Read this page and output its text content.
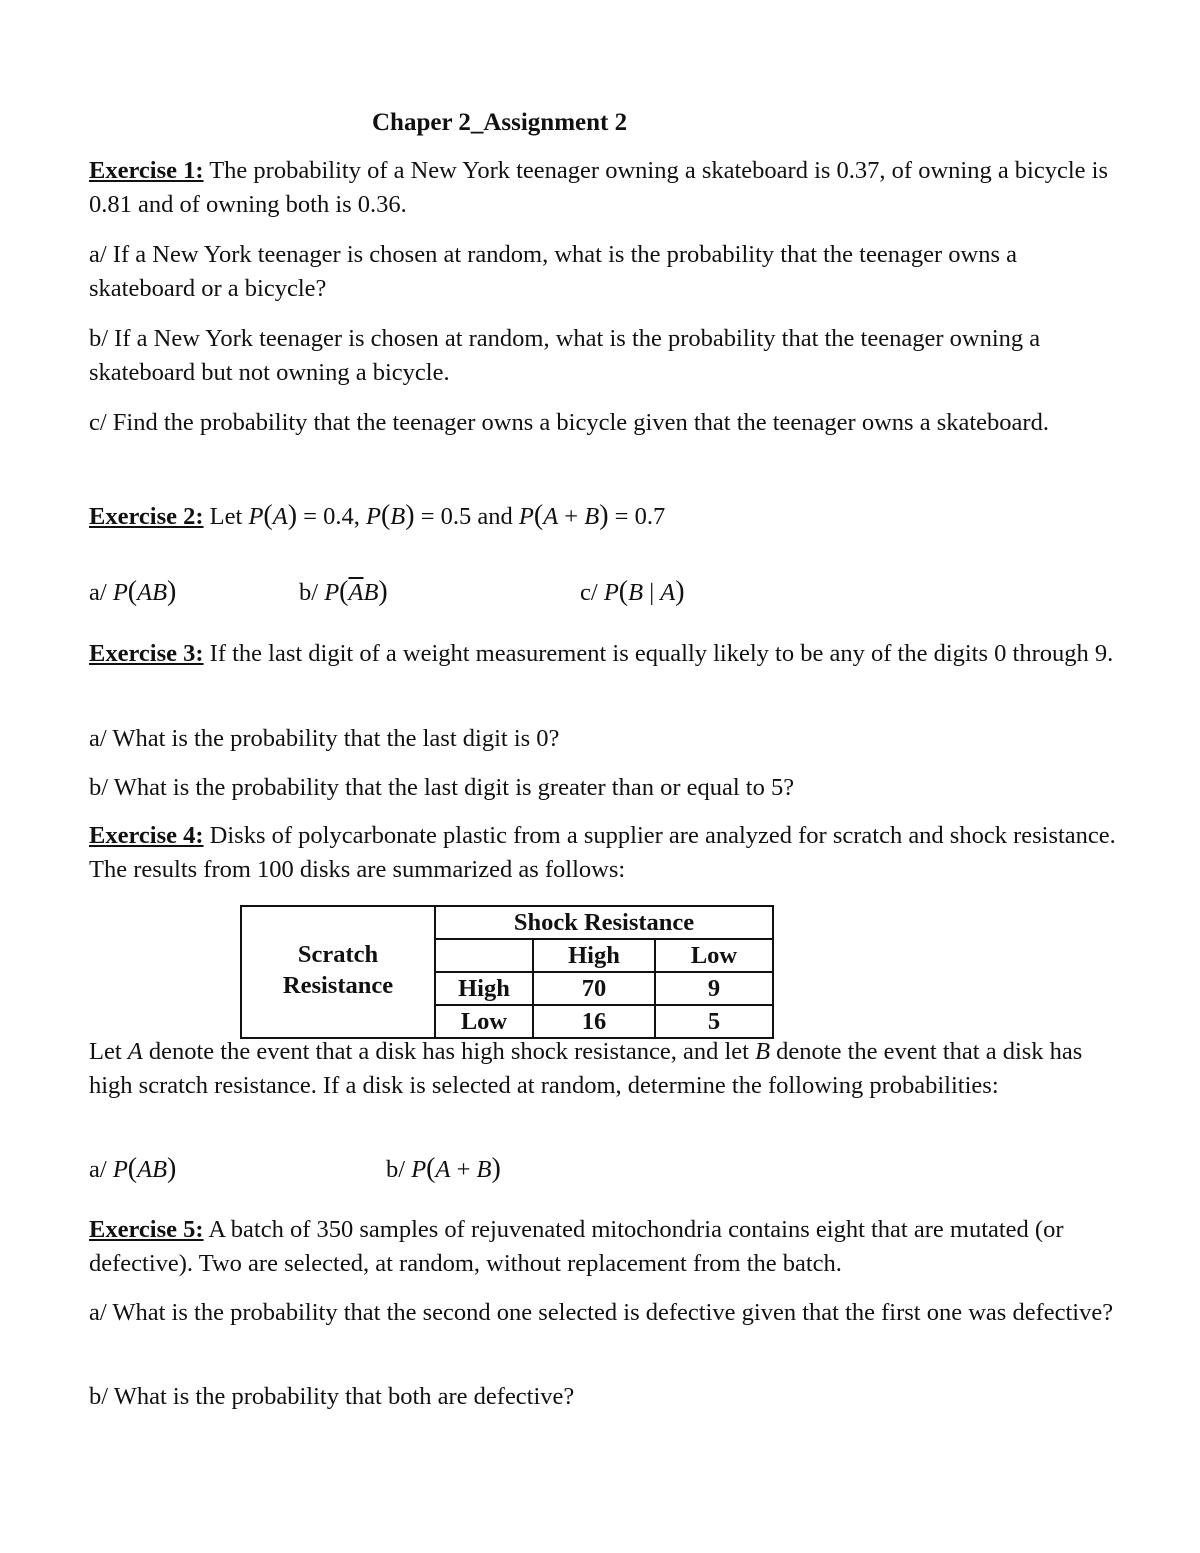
Chaper 2_Assignment 2

Exercise 1: The probability of a New York teenager owning a skateboard is 0.37, of owning a bicycle is 0.81 and of owning both is 0.36.

a/ If a New York teenager is chosen at random, what is the probability that the teenager owns a skateboard or a bicycle?

b/ If a New York teenager is chosen at random, what is the probability that the teenager owning a skateboard but not owning a bicycle.

c/ Find the probability that the teenager owns a bicycle given that the teenager owns a skateboard.

Exercise 2: Let P(A) = 0.4, P(B) = 0.5 and P(A + B) = 0.7

a/ P(AB)	b/ $P(\overline{A}B)$	c/ P(B | A)

Exercise 3: If the last digit of a weight measurement is equally likely to be any of the digits 0 through 9.

a/ What is the probability that the last digit is 0?

b/ What is the probability that the last digit is greater than or equal to 5?

Exercise 4: Disks of polycarbonate plastic from a supplier are analyzed for scratch and shock resistance. The results from 100 disks are summarized as follows:

	Shock Resistance		
Scratch
Resistance		High	Low
	High	70	9
	Low	16	5

Let A denote the event that a disk has high shock resistance, and let B denote the event that a disk has high scratch resistance. If a disk is selected at random, determine the following probabilities:

a/ P(AB)	b/ P(A + B)

Exercise 5: A batch of 350 samples of rejuvenated mitochondria contains eight that are mutated (or defective). Two are selected, at random, without replacement from the batch.

a/ What is the probability that the second one selected is defective given that the first one was defective?

b/ What is the probability that both are defective?
